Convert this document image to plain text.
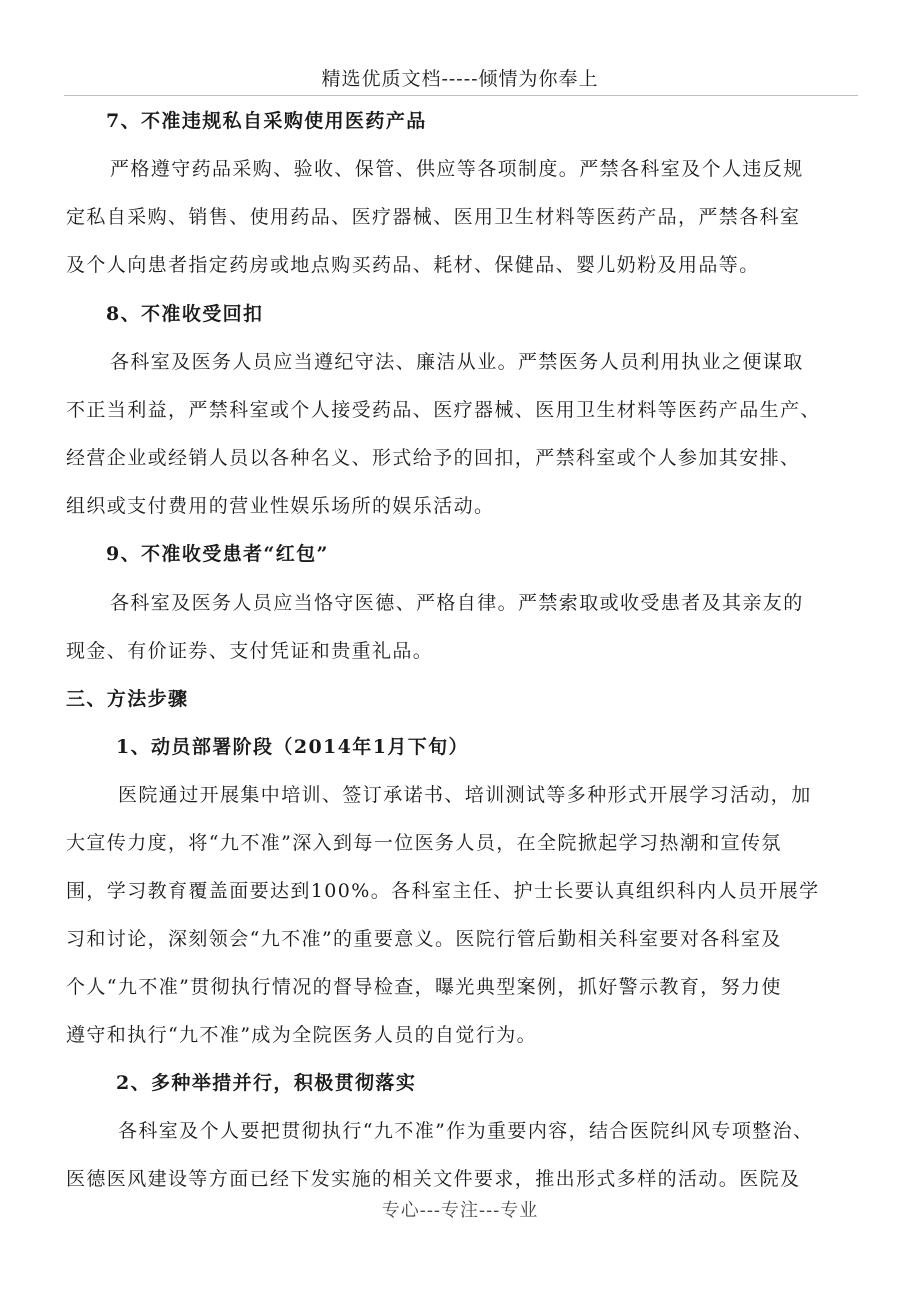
精选优质文档-----倾情为你奉上
7、不准违规私自采购使用医药产品
严格遵守药品采购、验收、保管、供应等各项制度。严禁各科室及个人违反规
定私自采购、销售、使用药品、医疗器械、医用卫生材料等医药产品，严禁各科室
及个人向患者指定药房或地点购买药品、耗材、保健品、婴儿奶粉及用品等。
8、不准收受回扣
各科室及医务人员应当遵纪守法、廉洁从业。严禁医务人员利用执业之便谋取
不正当利益，严禁科室或个人接受药品、医疗器械、医用卫生材料等医药产品生产、
经营企业或经销人员以各种名义、形式给予的回扣，严禁科室或个人参加其安排、
组织或支付费用的营业性娱乐场所的娱乐活动。
9、不准收受患者“红包”
各科室及医务人员应当恪守医德、严格自律。严禁索取或收受患者及其亲友的
现金、有价证券、支付凭证和贵重礼品。
三、方法步骤
1、动员部署阶段（2014年1月下旬）
医院通过开展集中培训、签订承诺书、培训测试等多种形式开展学习活动，加
大宣传力度，将“九不准”深入到每一位医务人员，在全院掀起学习热潮和宣传氛
围，学习教育覆盖面要达到100%。各科室主任、护士长要认真组织科内人员开展学
习和讨论，深刻领会“九不准”的重要意义。医院行管后勤相关科室要对各科室及
个人“九不准”贯彻执行情况的督导检查，曝光典型案例，抓好警示教育，努力使
遵守和执行“九不准”成为全院医务人员的自觉行为。
2、多种举措并行，积极贯彻落实
各科室及个人要把贯彻执行“九不准”作为重要内容，结合医院纠风专项整治、
医德医风建设等方面已经下发实施的相关文件要求，推出形式多样的活动。医院及
专心---专注---专业
